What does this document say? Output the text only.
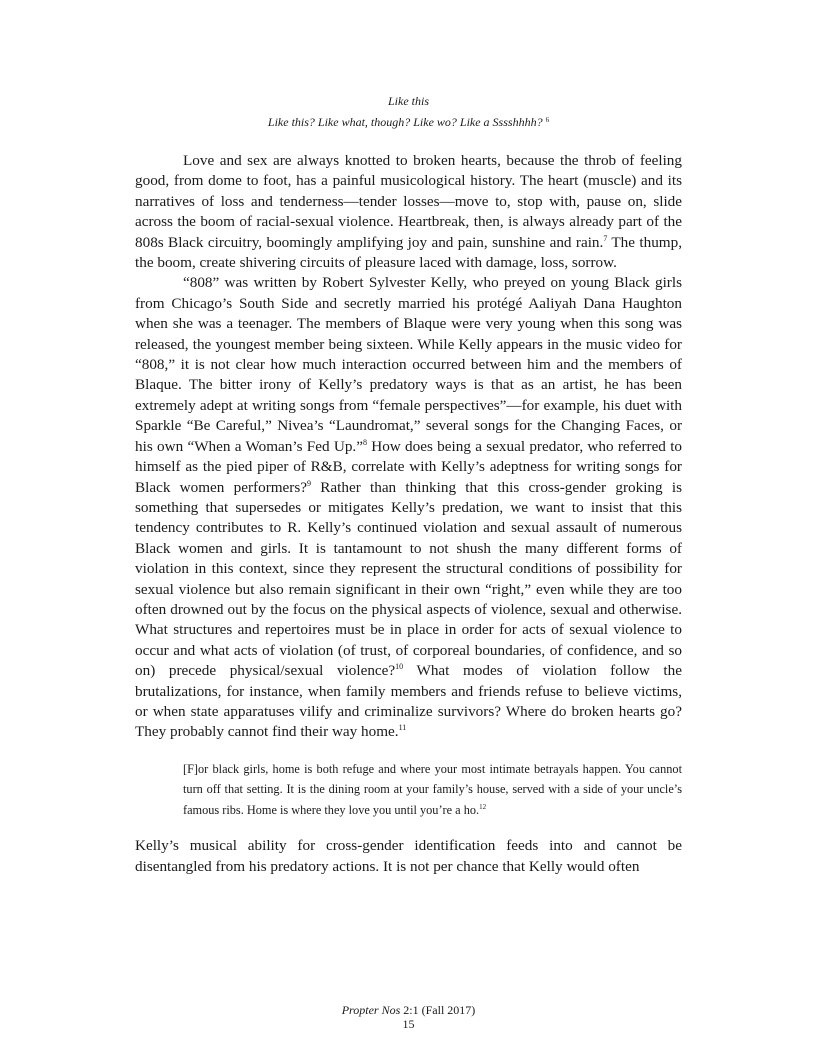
Like this
Like this? Like what, though? Like wo? Like a Sssshhhh? $^6$

Love and sex are always knotted to broken hearts, because the throb of feeling good, from dome to foot, has a painful musicological history. The heart (muscle) and its narratives of loss and tenderness—tender losses—move to, stop with, pause on, slide across the boom of racial-sexual violence. Heartbreak, then, is always already part of the 808s Black circuitry, boomingly amplifying joy and pain, sunshine and rain.$^7$ The thump, the boom, create shivering circuits of pleasure laced with damage, loss, sorrow.

“808” was written by Robert Sylvester Kelly, who preyed on young Black girls from Chicago’s South Side and secretly married his protégé Aaliyah Dana Haughton when she was a teenager. The members of Blaque were very young when this song was released, the youngest member being sixteen. While Kelly appears in the music video for “808,” it is not clear how much interaction occurred between him and the members of Blaque. The bitter irony of Kelly’s predatory ways is that as an artist, he has been extremely adept at writing songs from “female perspectives”—for example, his duet with Sparkle “Be Careful,” Nivea’s “Laundromat,” several songs for the Changing Faces, or his own “When a Woman’s Fed Up.”$^8$ How does being a sexual predator, who referred to himself as the pied piper of R&B, correlate with Kelly’s adeptness for writing songs for Black women performers?$^9$ Rather than thinking that this cross-gender groking is something that supersedes or mitigates Kelly’s predation, we want to insist that this tendency contributes to R. Kelly’s continued violation and sexual assault of numerous Black women and girls. It is tantamount to not shush the many different forms of violation in this context, since they represent the structural conditions of possibility for sexual violence but also remain significant in their own “right,” even while they are too often drowned out by the focus on the physical aspects of violence, sexual and otherwise. What structures and repertoires must be in place in order for acts of sexual violence to occur and what acts of violation (of trust, of corporeal boundaries, of confidence, and so on) precede physical/sexual violence?$^{10}$ What modes of violation follow the brutalizations, for instance, when family members and friends refuse to believe victims, or when state apparatuses vilify and criminalize survivors? Where do broken hearts go? They probably cannot find their way home.$^{11}$

[F]or black girls, home is both refuge and where your most intimate betrayals happen. You cannot turn off that setting. It is the dining room at your family’s house, served with a side of your uncle’s famous ribs. Home is where they love you until you’re a ho.$^{12}$

Kelly’s musical ability for cross-gender identification feeds into and cannot be disentangled from his predatory actions. It is not per chance that Kelly would often

Propter Nos 2:1 (Fall 2017)
15
